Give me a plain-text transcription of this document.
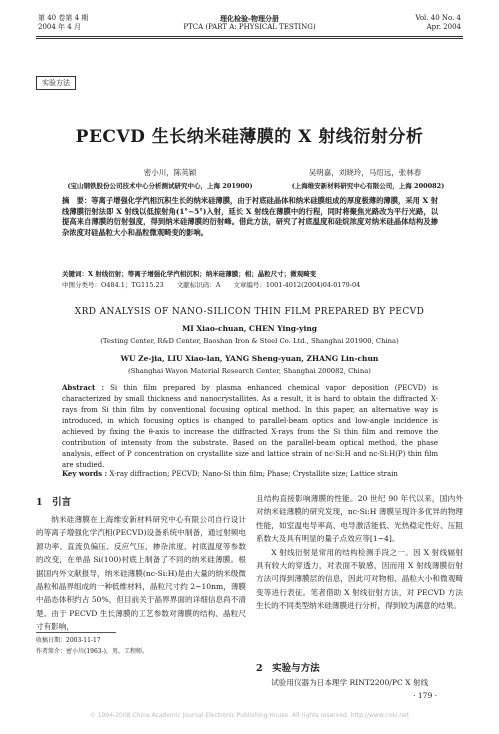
第 40 卷第 4 期
2004 年 4 月
理化检验-物理分册
PTCA (PART A: PHYSICAL TESTING)
Vol. 40 No. 4
Apr. 2004
实验方法
PECVD 生长纳米硅薄膜的 X 射线衍射分析
密小川，陈英颖	吴明嘉，刘晓玲，马绍远，张林春
(宝山钢铁股份公司技术中心分析测试研究中心，上海 201900)	(上海维安新材料研究中心有限公司，上海 200082)
摘　要：等离子增强化学汽相沉积生长的纳米硅薄膜，由于衬底硅晶体和纳米硅膜组成的厚度极薄的薄膜，采用 X 射线薄膜衍射法即 X 射线以低掠射角(1°~5°)入射，延长 X 射线在薄膜中的行程，同时将聚焦光路改为平行光路，以提高来自薄膜的衍射强度，得到纳米硅薄膜的衍射峰。借此方法，研究了衬底温度和硅烷浓度对纳米硅晶体结构及掺杂浓度对硅晶粒大小和晶粒微观畸变的影响。
关键词：X 射线衍射；等离子增强化学汽相沉积；纳米硅薄膜；相；晶粒尺寸；微观畸变
中图分类号：O484.1；TG115.23　　文献标识码：A　　文章编号：1001-4012(2004)04-0179-04
XRD ANALYSIS OF NANO-SILICON THIN FILM PREPARED BY PECVD
MI Xiao-chuan, CHEN Ying-ying
(Testing Center, R&D Center, Baoshan Iron & Steel Co. Ltd., Shanghai 201900, China)
WU Ze-jia, LIU Xiao-lan, YANG Sheng-yuan, ZHANG Lin-chun
(Shanghai Wayon Material Research Center, Shanghai 200082, China)
Abstract : Si thin film prepared by plasma enhanced chemical vapor deposition (PECVD) is characterized by small thickness and nanocrystallites. As a result, it is hard to obtain the diffracted X-rays from Si thin film by conventional focusing optical method. In this paper, an alternative way is introduced, in which focusing optics is changed to parallel-beam optics and low-angle incidence is achieved by fixing the θ-axis to increase the diffracted X-rays from the Si thin film and remove the contribution of intensity from the substrate. Based on the parallel-beam optical method, the phase analysis, effect of P concentration on crystallite size and lattice strain of nc-Si:H and nc-Si:H(P) thin film are studied.
Key words : X-ray diffraction; PECVD; Nano-Si thin film; Phase; Crystallite size; Lattice strain
1　引言

纳米硅薄膜在上海维安新材料研究中心有限公司自行设计的等离子增强化学汽相(PECVD)设备系统中制备，通过射频电源功率、直流负偏压、反应气压、掺杂浓度、衬底温度等参数的改变，在单晶 Si(100)衬底上制备了不同的纳米硅薄膜。根据国内外文献报导，纳米硅薄膜(nc-Si:H)是由大量的纳米级微晶粒和晶界组成的一种低维材料，晶粒尺寸约 2~10nm，薄膜中晶态体积约占 50%，但目前关于晶界界面的详细信息尚不清楚。由于 PECVD 生长薄膜的工艺参数对薄膜的结构、晶粒尺寸有影响，

收稿日期：2003-11-17
作者简介：密小川(1963-)，男，工程师。

且结构直接影响薄膜的性能。20 世纪 90 年代以来，国内外对纳米硅薄膜的研究发现，nc-Si:H 薄膜呈现许多优异的物理性能，如室温电导率高、电导激活能低、光热稳定性好、压阻系数大及具有明显的量子点效应等[1~4]。

X 射线衍射是常用的结构检测手段之一。因 X 射线辐射具有较大的穿透力，对表面不敏感，因而用 X 射线薄膜衍射方法可得到薄膜层的信息，因此可对物相、晶粒大小和微观畸变等进行表征。笔者借助 X 射线衍射方法，对 PECVD 方法生长的不同类型纳米硅薄膜进行分析，得到较为满意的结果。

2　实验与方法

试验用仪器为日本理学 RINT2200/PC X 射线

· 179 ·
© 1994-2008 China Academic Journal Electronic Publishing House. All rights reserved. http://www.cnki.net
